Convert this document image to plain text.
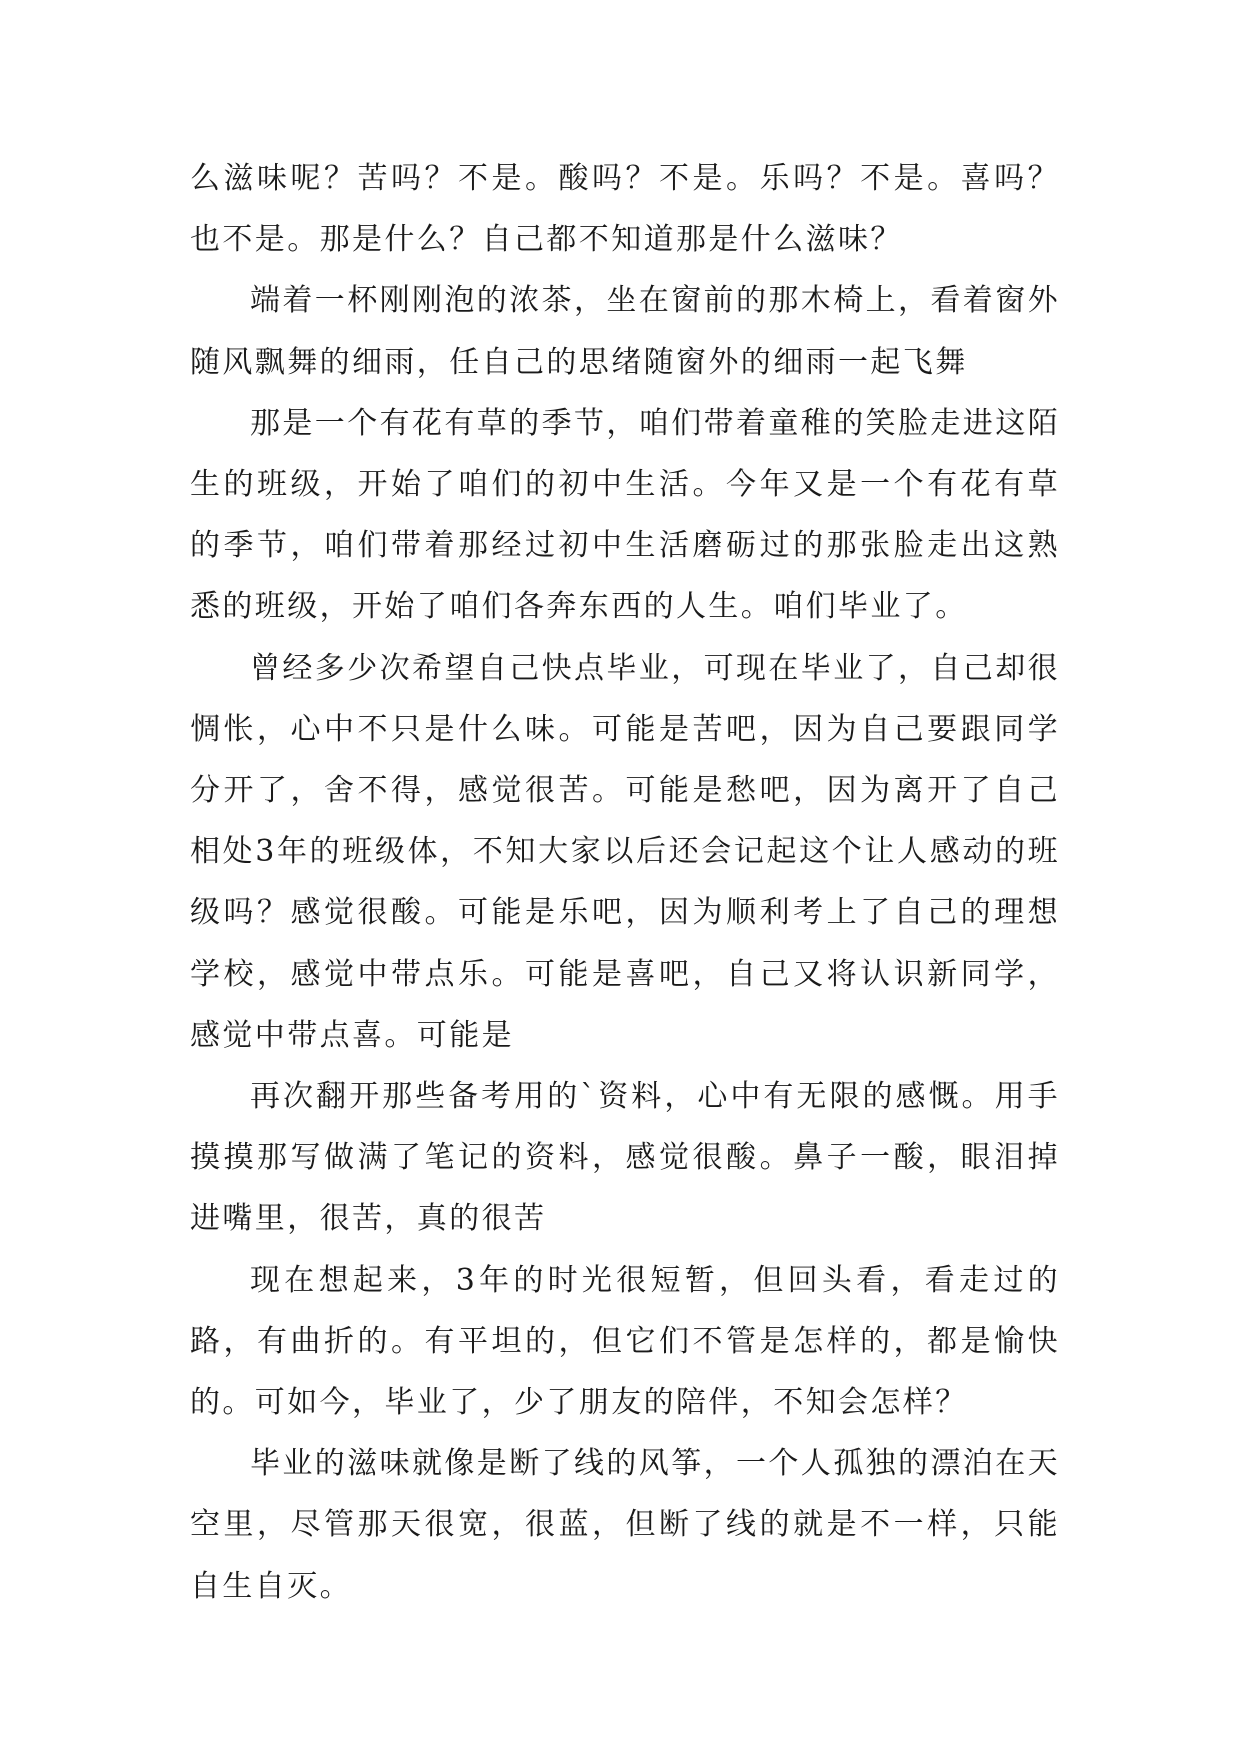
么滋味呢？苦吗？不是。酸吗？不是。乐吗？不是。喜吗？也不是。那是什么？自己都不知道那是什么滋味？

端着一杯刚刚泡的浓茶，坐在窗前的那木椅上，看着窗外随风飘舞的细雨，任自己的思绪随窗外的细雨一起飞舞

那是一个有花有草的季节，咱们带着童稚的笑脸走进这陌生的班级，开始了咱们的初中生活。今年又是一个有花有草的季节，咱们带着那经过初中生活磨砺过的那张脸走出这熟悉的班级，开始了咱们各奔东西的人生。咱们毕业了。

曾经多少次希望自己快点毕业，可现在毕业了，自己却很惆怅，心中不只是什么味。可能是苦吧，因为自己要跟同学分开了，舍不得，感觉很苦。可能是愁吧，因为离开了自己相处3年的班级体，不知大家以后还会记起这个让人感动的班级吗？感觉很酸。可能是乐吧，因为顺利考上了自己的理想学校，感觉中带点乐。可能是喜吧，自己又将认识新同学，感觉中带点喜。可能是

再次翻开那些备考用的`资料，心中有无限的感慨。用手摸摸那写做满了笔记的资料，感觉很酸。鼻子一酸，眼泪掉进嘴里，很苦，真的很苦

现在想起来，3年的时光很短暂，但回头看，看走过的路，有曲折的。有平坦的，但它们不管是怎样的，都是愉快的。可如今，毕业了，少了朋友的陪伴，不知会怎样？

毕业的滋味就像是断了线的风筝，一个人孤独的漂泊在天空里，尽管那天很宽，很蓝，但断了线的就是不一样，只能自生自灭。
